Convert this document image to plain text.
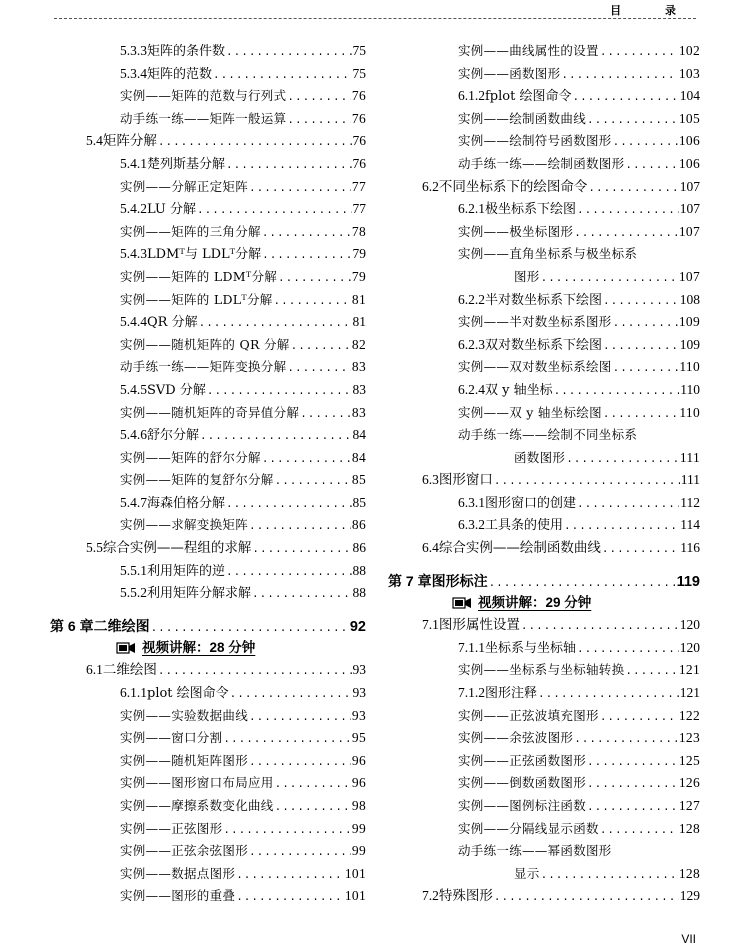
目 录
5.3.3 矩阵的条件数 .....	75
5.3.4 矩阵的范数 .....	75
实例——矩阵的范数与行列式 .....	76
动手练一练——矩阵一般运算 .....	76
5.4 矩阵分解 .....	76
5.4.1 楚列斯基分解 .....	76
实例——分解正定矩阵 .....	77
5.4.2 LU 分解 .....	77
实例——矩阵的三角分解 .....	78
5.4.3 LDMᵀ与 LDLᵀ分解 .....	79
实例——矩阵的 LDMᵀ分解 .....	79
实例——矩阵的 LDLᵀ分解 .....	81
5.4.4 QR 分解 .....	81
实例——随机矩阵的 QR 分解 .....	82
动手练一练——矩阵变换分解 .....	83
5.4.5 SVD 分解 .....	83
实例——随机矩阵的奇异值分解 .....	83
5.4.6 舒尔分解 .....	84
实例——矩阵的舒尔分解 .....	84
实例——矩阵的复舒尔分解 .....	85
5.4.7 海森伯格分解 .....	85
实例——求解变换矩阵 .....	86
5.5 综合实例——程组的求解 .....	86
5.5.1 利用矩阵的逆 .....	88
5.5.2 利用矩阵分解求解 .....	88
第 6 章 二维绘图 .....	92
视频讲解：28 分钟
6.1 二维绘图 .....	93
6.1.1 plot 绘图命令 .....	93
实例——实验数据曲线 .....	93
实例——窗口分割 .....	95
实例——随机矩阵图形 .....	96
实例——图形窗口布局应用 .....	96
实例——摩擦系数变化曲线 .....	98
实例——正弦图形 .....	99
实例——正弦余弦图形 .....	99
实例——数据点图形 .....	101
实例——图形的重叠 .....	101
实例——曲线属性的设置 .....	102
实例——函数图形 .....	103
6.1.2 fplot 绘图命令 .....	104
实例——绘制函数曲线 .....	105
实例——绘制符号函数图形 .....	106
动手练一练——绘制函数图形 .....	106
6.2 不同坐标系下的绘图命令 .....	107
6.2.1 极坐标系下绘图 .....	107
实例——极坐标图形 .....	107
实例——直角坐标系与极坐标系
图形 .....	107
6.2.2 半对数坐标系下绘图 .....	108
实例——半对数坐标系图形 .....	109
6.2.3 双对数坐标系下绘图 .....	109
实例——双对数坐标系绘图 .....	110
6.2.4 双 y 轴坐标 .....	110
实例——双 y 轴坐标绘图 .....	110
动手练一练——绘制不同坐标系
函数图形 .....	111
6.3 图形窗口 .....	111
6.3.1 图形窗口的创建 .....	112
6.3.2 工具条的使用 .....	114
6.4 综合实例——绘制函数曲线 .....	116
第 7 章 图形标注 .....	119
视频讲解：29 分钟
7.1 图形属性设置 .....	120
7.1.1 坐标系与坐标轴 .....	120
实例——坐标系与坐标轴转换 .....	121
7.1.2 图形注释 .....	121
实例——正弦波填充图形 .....	122
实例——余弦波图形 .....	123
实例——正弦函数图形 .....	125
实例——倒数函数图形 .....	126
实例——图例标注函数 .....	127
实例——分隔线显示函数 .....	128
动手练一练——幂函数图形
显示 .....	128
7.2 特殊图形 .....	129
VII
